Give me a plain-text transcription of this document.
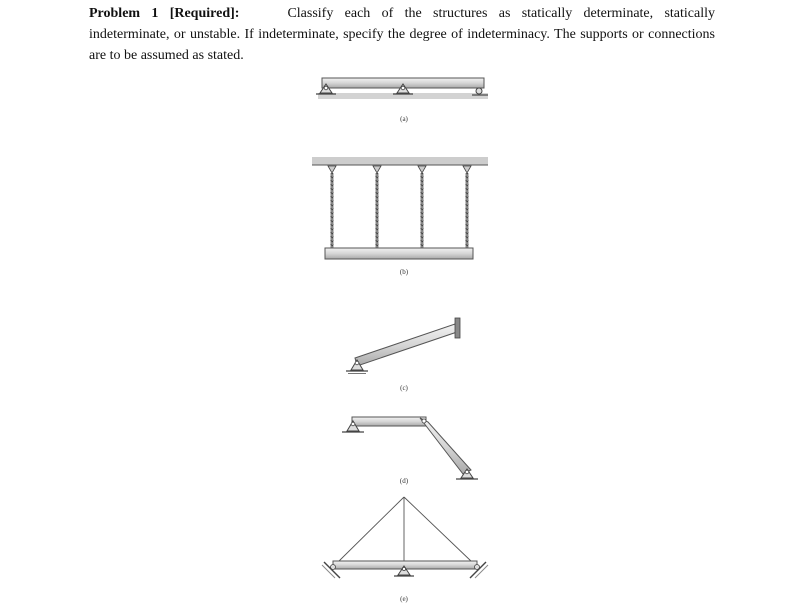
Problem 1 [Required]:	Classify each of the structures as statically determinate, statically indeterminate, or unstable. If indeterminate, specify the degree of indeterminacy. The supports or connections are to be assumed as stated.
(a)
(b)
(c)
(d)
(e)
